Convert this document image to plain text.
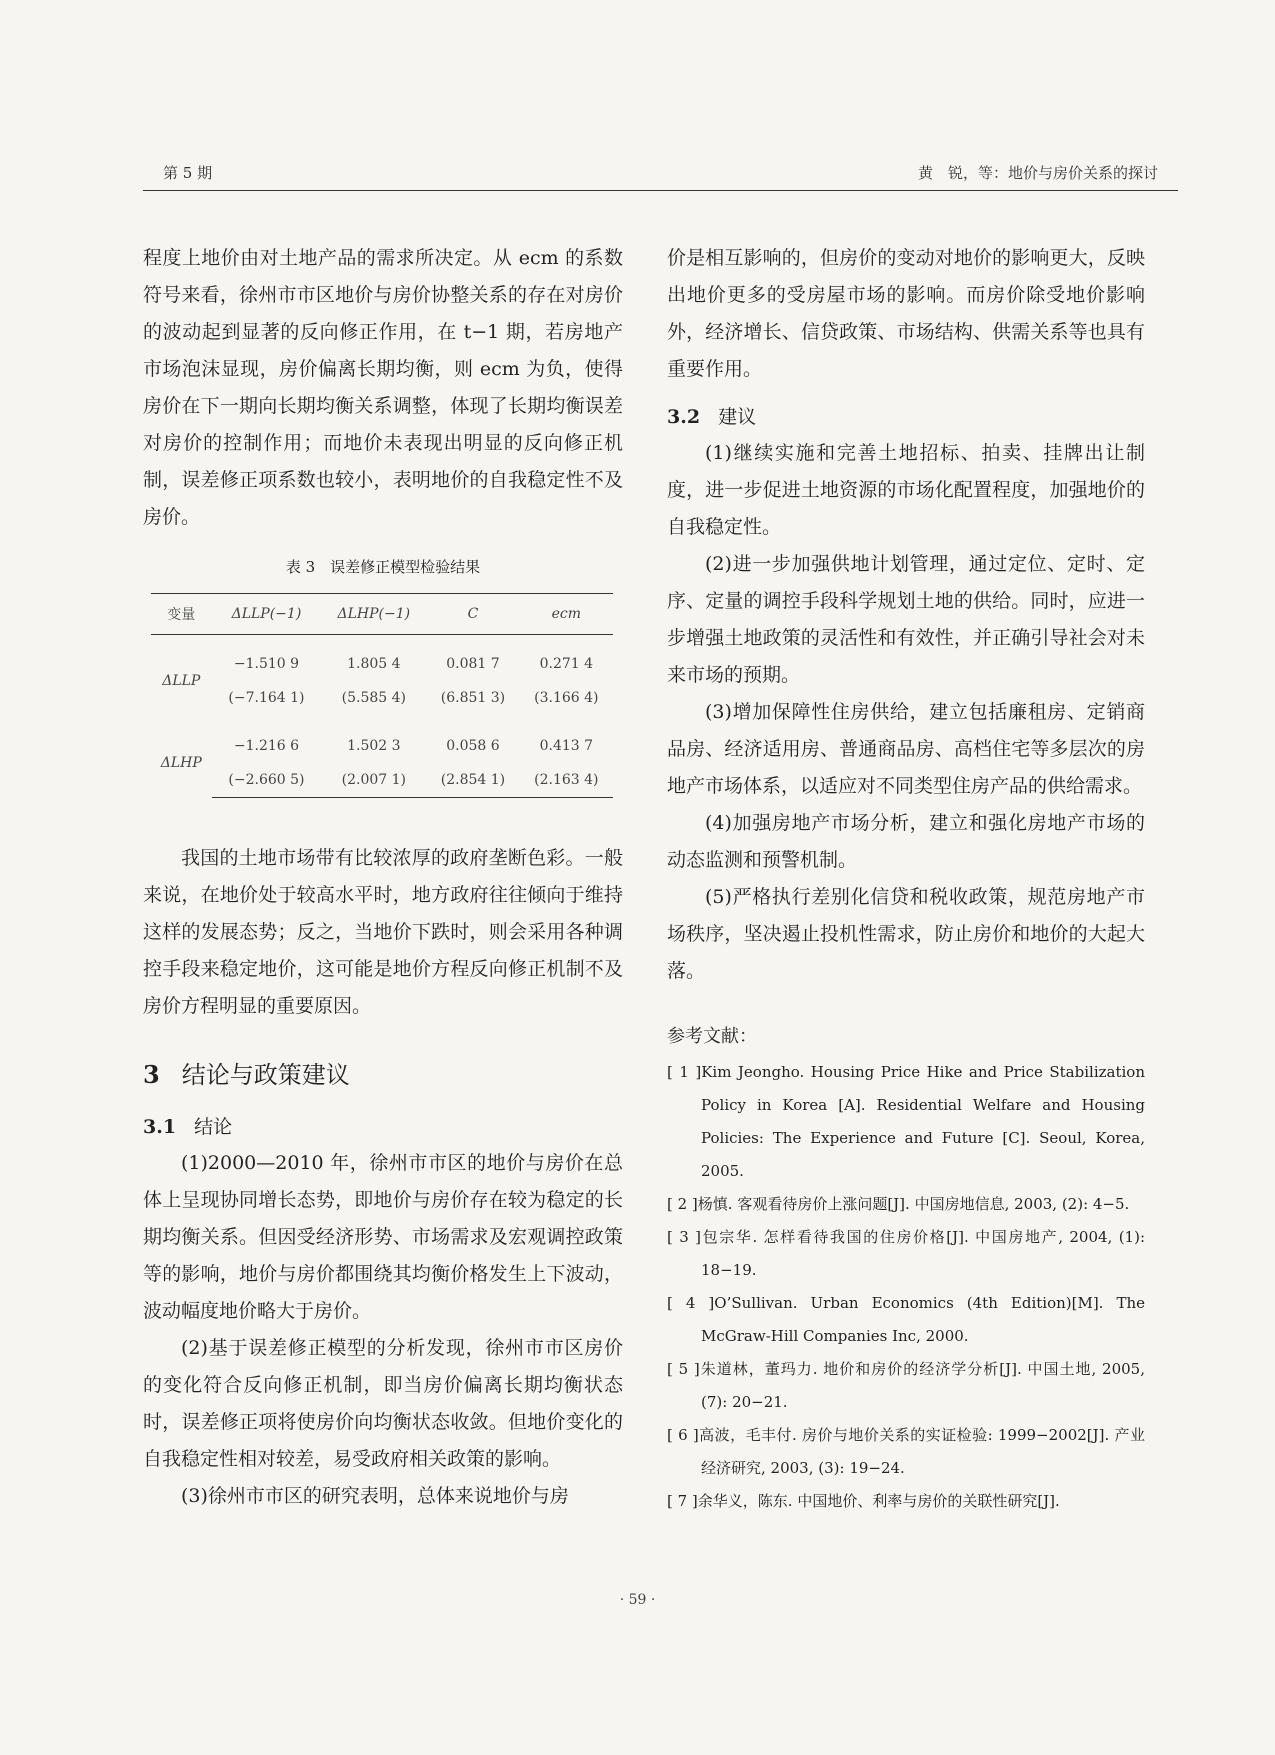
第 5 期	黄　锐，等：地价与房价关系的探讨

程度上地价由对土地产品的需求所决定。从 ecm 的系数符号来看，徐州市市区地价与房价协整关系的存在对房价的波动起到显著的反向修正作用，在 t−1 期，若房地产市场泡沫显现，房价偏离长期均衡，则 ecm 为负，使得房价在下一期向长期均衡关系调整，体现了长期均衡误差对房价的控制作用；而地价未表现出明显的反向修正机制，误差修正项系数也较小，表明地价的自我稳定性不及房价。

表 3　误差修正模型检验结果
变量	ΔLLP(−1)	ΔLHP(−1)	C	ecm

ΔLLP	−1.510 9	1.805 4	0.081 7	0.271 4
	(−7.164 1)	(5.585 4)	(6.851 3)	(3.166 4)

ΔLHP	−1.216 6	1.502 3	0.058 6	0.413 7
	(−2.660 5)	(2.007 1)	(2.854 1)	(2.163 4)

我国的土地市场带有比较浓厚的政府垄断色彩。一般来说，在地价处于较高水平时，地方政府往往倾向于维持这样的发展态势；反之，当地价下跌时，则会采用各种调控手段来稳定地价，这可能是地价方程反向修正机制不及房价方程明显的重要原因。

3 结论与政策建议
3.1 结论

(1)2000—2010 年，徐州市市区的地价与房价在总体上呈现协同增长态势，即地价与房价存在较为稳定的长期均衡关系。但因受经济形势、市场需求及宏观调控政策等的影响，地价与房价都围绕其均衡价格发生上下波动，波动幅度地价略大于房价。

(2)基于误差修正模型的分析发现，徐州市市区房价的变化符合反向修正机制，即当房价偏离长期均衡状态时，误差修正项将使房价向均衡状态收敛。但地价变化的自我稳定性相对较差，易受政府相关政策的影响。

(3)徐州市市区的研究表明，总体来说地价与房

价是相互影响的，但房价的变动对地价的影响更大，反映出地价更多的受房屋市场的影响。而房价除受地价影响外，经济增长、信贷政策、市场结构、供需关系等也具有重要作用。

3.2 建议

(1)继续实施和完善土地招标、拍卖、挂牌出让制度，进一步促进土地资源的市场化配置程度，加强地价的自我稳定性。

(2)进一步加强供地计划管理，通过定位、定时、定序、定量的调控手段科学规划土地的供给。同时，应进一步增强土地政策的灵活性和有效性，并正确引导社会对未来市场的预期。

(3)增加保障性住房供给，建立包括廉租房、定销商品房、经济适用房、普通商品房、高档住宅等多层次的房地产市场体系，以适应对不同类型住房产品的供给需求。

(4)加强房地产市场分析，建立和强化房地产市场的动态监测和预警机制。

(5)严格执行差别化信贷和税收政策，规范房地产市场秩序，坚决遏止投机性需求，防止房价和地价的大起大落。

参考文献：

[ 1 ]Kim Jeongho. Housing Price Hike and Price Stabilization Policy in Korea [A]. Residential Welfare and Housing Policies: The Experience and Future [C]. Seoul, Korea, 2005.

[ 2 ]杨慎. 客观看待房价上涨问题[J]. 中国房地信息, 2003, (2): 4−5.

[ 3 ]包宗华. 怎样看待我国的住房价格[J]. 中国房地产, 2004, (1): 18−19.

[ 4 ]O’Sullivan. Urban Economics (4th Edition)[M]. The McGraw-Hill Companies Inc, 2000.

[ 5 ]朱道林，董玛力. 地价和房价的经济学分析[J]. 中国土地, 2005, (7): 20−21.

[ 6 ]高波，毛丰付. 房价与地价关系的实证检验: 1999−2002[J]. 产业经济研究, 2003, (3): 19−24.

[ 7 ]余华义，陈东. 中国地价、利率与房价的关联性研究[J].

· 59 ·
